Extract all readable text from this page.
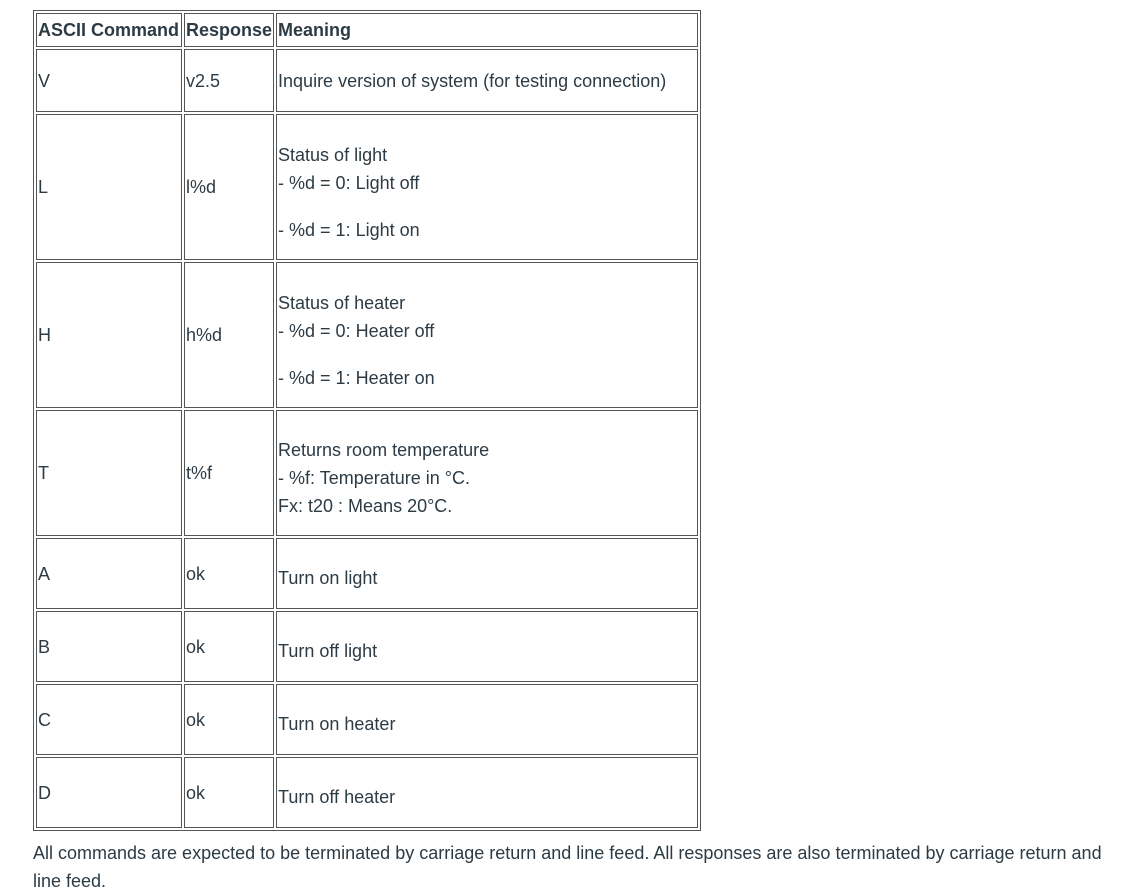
ASCII Command	Response	Meaning
V	v2.5	Inquire version of system (for testing connection)

L	l%d	Status of light
- %d = 0: Light off
- %d = 1: Light on

H	h%d	Status of heater
- %d = 0: Heater off
- %d = 1: Heater on

T	t%f	Returns room temperature
- %f: Temperature in °C.
Fx: t20 : Means 20°C.

A	ok	Turn on light

B	ok	Turn off light

C	ok	Turn on heater

D	ok	Turn off heater

All commands are expected to be terminated by carriage return and line feed. All responses are also terminated by carriage return and line feed.
